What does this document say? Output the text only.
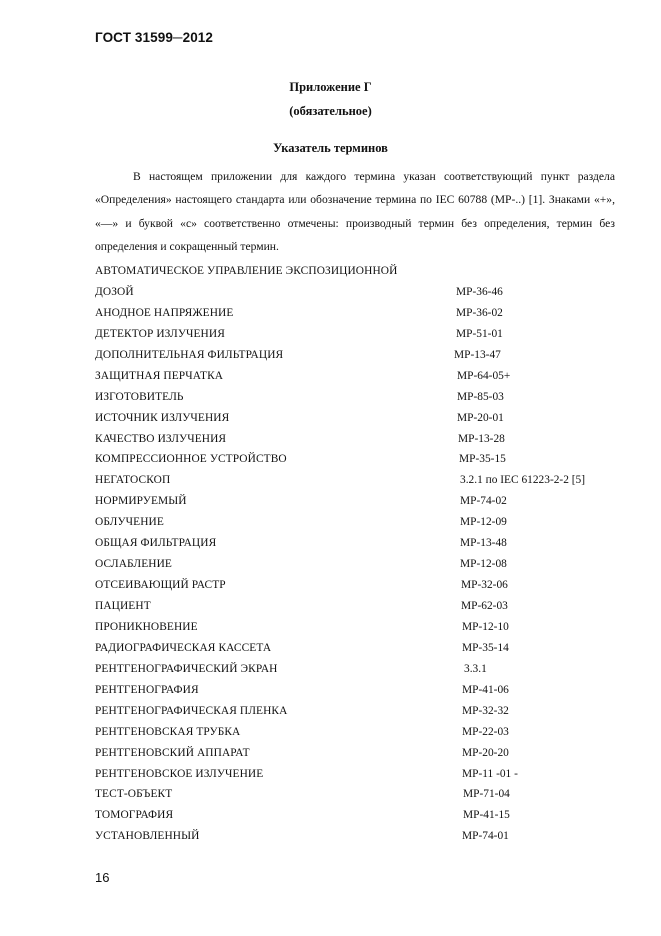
ГОСТ 31599─2012
Приложение Г
(обязательное)
Указатель терминов

В настоящем приложении для каждого термина указан соответствующий пункт раздела «Определения» настоящего стандарта или обозначение термина по IEC 60788 (MP-..) [1]. Знаками «+», «—» и буквой «с» соответственно отмечены: производный термин без определения, термин без определения и сокращенный термин.

АВТОМАТИЧЕСКОЕ УПРАВЛЕНИЕ ЭКСПОЗИЦИОННОЙ
ДОЗОЙ	MP-36-46
АНОДНОЕ НАПРЯЖЕНИЕ	MP-36-02
ДЕТЕКТОР ИЗЛУЧЕНИЯ	MP-51-01
ДОПОЛНИТЕЛЬНАЯ ФИЛЬТРАЦИЯ	MP-13-47
ЗАЩИТНАЯ ПЕРЧАТКА	MP-64-05+
ИЗГОТОВИТЕЛЬ	MP-85-03
ИСТОЧНИК ИЗЛУЧЕНИЯ	MP-20-01
КАЧЕСТВО ИЗЛУЧЕНИЯ	MP-13-28
КОМПРЕССИОННОЕ УСТРОЙСТВО	MP-35-15
НЕГАТОСКОП	3.2.1 по IEC 61223-2-2 [5]
НОРМИРУЕМЫЙ	MP-74-02
ОБЛУЧЕНИЕ	MP-12-09
ОБЩАЯ ФИЛЬТРАЦИЯ	MP-13-48
ОСЛАБЛЕНИЕ	MP-12-08
ОТСЕИВАЮЩИЙ РАСТР	MP-32-06
ПАЦИЕНТ	MP-62-03
ПРОНИКНОВЕНИЕ	MP-12-10
РАДИОГРАФИЧЕСКАЯ КАССЕТА	MP-35-14
РЕНТГЕНОГРАФИЧЕСКИЙ ЭКРАН	3.3.1
РЕНТГЕНОГРАФИЯ	MP-41-06
РЕНТГЕНОГРАФИЧЕСКАЯ ПЛЕНКА	MP-32-32
РЕНТГЕНОВСКАЯ ТРУБКА	MP-22-03
РЕНТГЕНОВСКИЙ АППАРАТ	MP-20-20
РЕНТГЕНОВСКОЕ ИЗЛУЧЕНИЕ	MP-11 -01 -
ТЕСТ-ОБЪЕКТ	MP-71-04
ТОМОГРАФИЯ	MP-41-15
УСТАНОВЛЕННЫЙ	MP-74-01
16
